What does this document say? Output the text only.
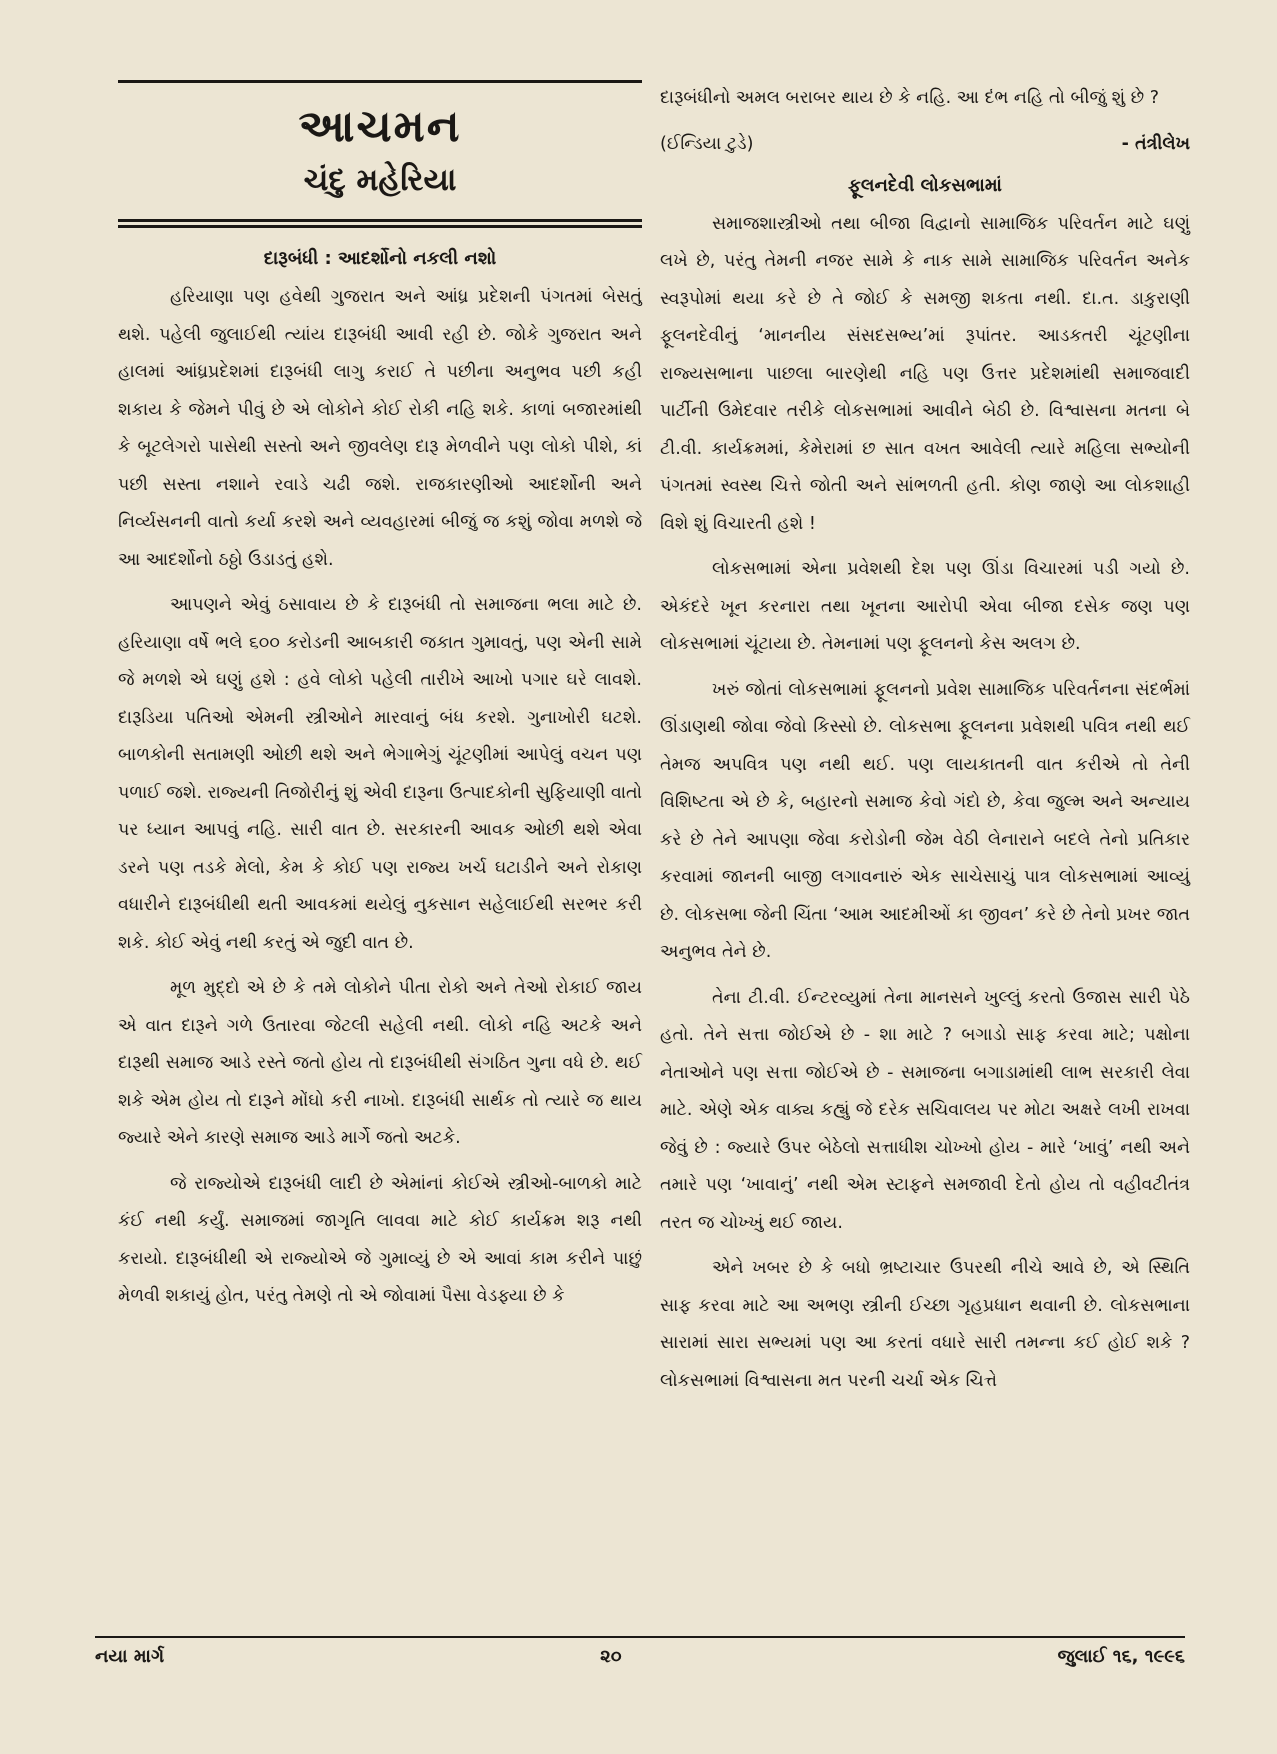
આચમન
ચંદુ મહેરિયા
દારૂબંધી : આદર્શોનો નકલી નશો

હરિયાણા પણ હવેથી ગુજરાત અને આંધ્ર પ્રદેશની પંગતમાં બેસતું થશે. પહેલી જુલાઈથી ત્યાંય દારૂબંધી આવી રહી છે. જોકે ગુજરાત અને હાલમાં આંધ્રપ્રદેશમાં દારૂબંધી લાગુ કરાઈ તે પછીના અનુભવ પછી કહી શકાય કે જેમને પીવું છે એ લોકોને કોઈ રોકી નહિ શકે. કાળાં બજારમાંથી કે બૂટલેગરો પાસેથી સસ્તો અને જીવલેણ દારૂ મેળવીને પણ લોકો પીશે, કાં પછી સસ્તા નશાને રવાડે ચઢી જશે. રાજકારણીઓ આદર્શોની અને નિર્વ્યસનની વાતો કર્યા કરશે અને વ્યવહારમાં બીજું જ કશું જોવા મળશે જે આ આદર્શોનો ઠઠ્ઠો ઉડાડતું હશે.

આપણને એવું ઠસાવાય છે કે દારૂબંધી તો સમાજના ભલા માટે છે. હરિયાણા વર્ષે ભલે ૬૦૦ કરોડની આબકારી જકાત ગુમાવતું, પણ એની સામે જે મળશે એ ઘણું હશે : હવે લોકો પહેલી તારીખે આખો પગાર ઘરે લાવશે. દારૂડિયા પતિઓ એમની સ્ત્રીઓને મારવાનું બંધ કરશે. ગુનાખોરી ઘટશે. બાળકોની સતામણી ઓછી થશે અને ભેગાભેગું ચૂંટણીમાં આપેલું વચન પણ પળાઈ જશે. રાજ્યની તિજોરીનું શું એવી દારૂના ઉત્પાદકોની સુફિયાણી વાતો પર ધ્યાન આપવું નહિ. સારી વાત છે. સરકારની આવક ઓછી થશે એવા ડરને પણ તડકે મેલો, કેમ કે કોઈ પણ રાજ્ય ખર્ચ ઘટાડીને અને રોકાણ વધારીને દારૂબંધીથી થતી આવકમાં થયેલું નુકસાન સહેલાઈથી સરભર કરી શકે. કોઈ એવું નથી કરતું એ જુદી વાત છે.

મૂળ મુદ્દો એ છે કે તમે લોકોને પીતા રોકો અને તેઓ રોકાઈ જાય એ વાત દારૂને ગળે ઉતારવા જેટલી સહેલી નથી. લોકો નહિ અટકે અને દારૂથી સમાજ આડે રસ્તે જતો હોય તો દારૂબંધીથી સંગઠિત ગુના વધે છે. થઈ શકે એમ હોય તો દારૂને મોંઘો કરી નાખો. દારૂબંધી સાર્થક તો ત્યારે જ થાય જ્યારે એને કારણે સમાજ આડે માર્ગે જતો અટકે.

જે રાજ્યોએ દારૂબંધી લાદી છે એમાંનાં કોઈએ સ્ત્રીઓ-બાળકો માટે કંઈ નથી કર્યું. સમાજમાં જાગૃતિ લાવવા માટે કોઈ કાર્યક્રમ શરૂ નથી કરાયો. દારૂબંધીથી એ રાજ્યોએ જે ગુમાવ્યું છે એ આવાં કામ કરીને પાછું મેળવી શકાયું હોત, પરંતુ તેમણે તો એ જોવામાં પૈસા વેડફ્યા છે કે

દારૂબંધીનો અમલ બરાબર થાય છે કે નહિ. આ દંભ નહિ તો બીજું શું છે ?

(ઈન્ડિયા ટુડે)	- તંત્રીલેખ
ફૂલનદેવી લોકસભામાં

સમાજશાસ્ત્રીઓ તથા બીજા વિદ્વાનો સામાજિક પરિવર્તન માટે ઘણું લખે છે, પરંતુ તેમની નજર સામે કે નાક સામે સામાજિક પરિવર્તન અનેક સ્વરૂપોમાં થયા કરે છે તે જોઈ કે સમજી શકતા નથી. દા.ત. ડાકુરાણી ફૂલનદેવીનું ‘માનનીય સંસદસભ્ય’માં રૂપાંતર. આડકતરી ચૂંટણીના રાજ્યસભાના પાછલા બારણેથી નહિ પણ ઉત્તર પ્રદેશમાંથી સમાજવાદી પાર્ટીની ઉમેદવાર તરીકે લોકસભામાં આવીને બેઠી છે. વિશ્વાસના મતના બે ટી.વી. કાર્યક્રમમાં, કેમેરામાં છ સાત વખત આવેલી ત્યારે મહિલા સભ્યોની પંગતમાં સ્વસ્થ ચિત્તે જોતી અને સાંભળતી હતી. કોણ જાણે આ લોકશાહી વિશે શું વિચારતી હશે !

લોકસભામાં એના પ્રવેશથી દેશ પણ ઊંડા વિચારમાં પડી ગયો છે. એકંદરે ખૂન કરનારા તથા ખૂનના આરોપી એવા બીજા દસેક જણ પણ લોકસભામાં ચૂંટાયા છે. તેમનામાં પણ ફૂલનનો કેસ અલગ છે.

ખરું જોતાં લોકસભામાં ફૂલનનો પ્રવેશ સામાજિક પરિવર્તનના સંદર્ભમાં ઊંડાણથી જોવા જેવો કિસ્સો છે. લોકસભા ફૂલનના પ્રવેશથી પવિત્ર નથી થઈ તેમજ અપવિત્ર પણ નથી થઈ. પણ લાયકાતની વાત કરીએ તો તેની વિશિષ્ટતા એ છે કે, બહારનો સમાજ કેવો ગંદો છે, કેવા જુલ્મ અને અન્યાય કરે છે તેને આપણા જેવા કરોડોની જેમ વેઠી લેનારાને બદલે તેનો પ્રતિકાર કરવામાં જાનની બાજી લગાવનારું એક સાચેસાચું પાત્ર લોકસભામાં આવ્યું છે. લોકસભા જેની ચિંતા ‘આમ આદમીઓં કા જીવન’ કરે છે તેનો પ્રખર જાત અનુભવ તેને છે.

તેના ટી.વી. ઈન્ટરવ્યુમાં તેના માનસને ખુલ્લું કરતો ઉજાસ સારી પેઠે હતો. તેને સત્તા જોઈએ છે - શા માટે ? બગાડો સાફ કરવા માટે; પક્ષોના નેતાઓને પણ સત્તા જોઈએ છે - સમાજના બગાડામાંથી લાભ સરકારી લેવા માટે. એણે એક વાક્ય કહ્યું જે દરેક સચિવાલય પર મોટા અક્ષરે લખી રાખવા જેવું છે : જ્યારે ઉપર બેઠેલો સત્તાધીશ ચોખ્ખો હોય - મારે ‘ખાવું’ નથી અને તમારે પણ ‘ખાવાનું’ નથી એમ સ્ટાફને સમજાવી દેતો હોય તો વહીવટીતંત્ર તરત જ ચોખ્ખું થઈ જાય.

એને ખબર છે કે બધો ભ્રષ્ટાચાર ઉપરથી નીચે આવે છે, એ સ્થિતિ સાફ કરવા માટે આ અભણ સ્ત્રીની ઈચ્છા ગૃહપ્રધાન થવાની છે. લોકસભાના સારામાં સારા સભ્યમાં પણ આ કરતાં વધારે સારી તમન્ના કઈ હોઈ શકે ? લોકસભામાં વિશ્વાસના મત પરની ચર્ચા એક ચિત્તે

નયા માર્ગ	૨૦	જુલાઈ ૧૬, ૧૯૯૬
